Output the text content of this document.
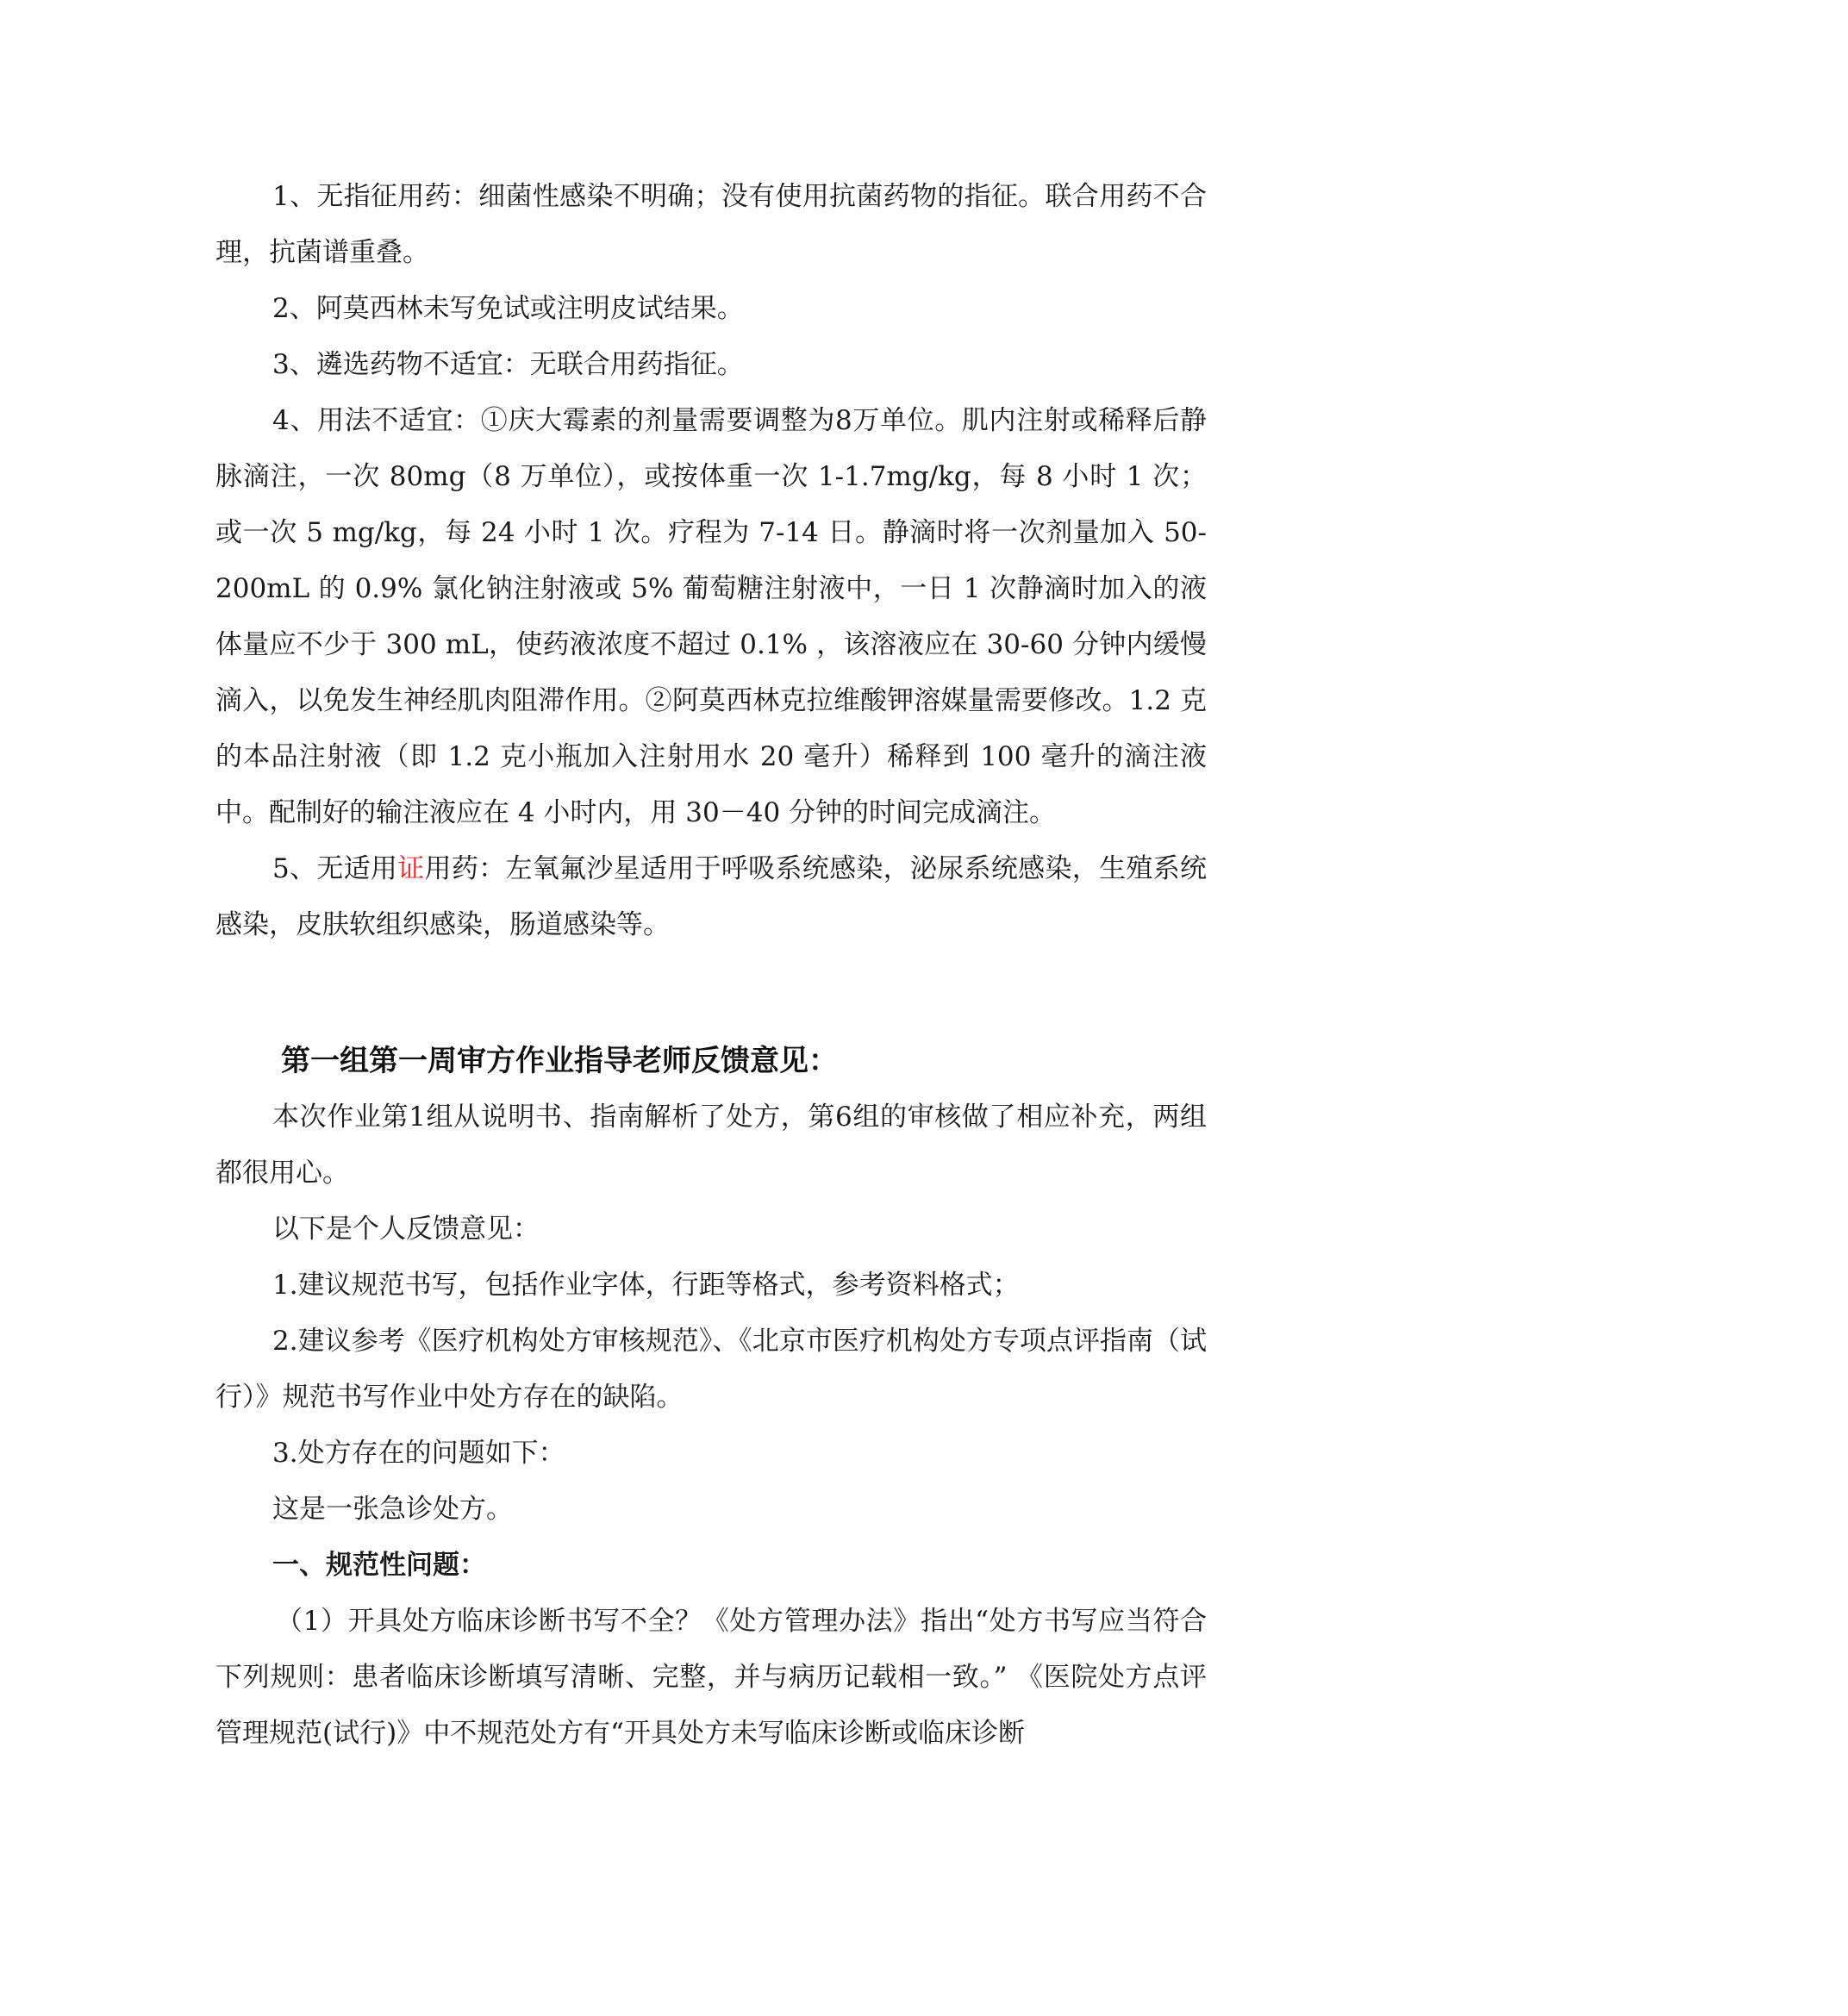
1、无指征用药：细菌性感染不明确；没有使用抗菌药物的指征。联合用药不合理，抗菌谱重叠。

2、阿莫西林未写免试或注明皮试结果。

3、遴选药物不适宜：无联合用药指征。

4、用法不适宜：①庆大霉素的剂量需要调整为8万单位。肌内注射或稀释后静脉滴注，一次 80mg（8 万单位），或按体重一次 1-1.7mg/kg，每 8 小时 1 次；或一次 5 mg/kg，每 24 小时 1 次。疗程为 7-14 日。静滴时将一次剂量加入 50-200mL 的 0.9% 氯化钠注射液或 5% 葡萄糖注射液中，一日 1 次静滴时加入的液体量应不少于 300 mL，使药液浓度不超过 0.1% ，该溶液应在 30-60 分钟内缓慢滴入，以免发生神经肌肉阻滞作用。②阿莫西林克拉维酸钾溶媒量需要修改。1.2 克的本品注射液（即 1.2 克小瓶加入注射用水 20 毫升）稀释到 100 毫升的滴注液中。配制好的输注液应在 4 小时内，用 30－40 分钟的时间完成滴注。

5、无适用证用药：左氧氟沙星适用于呼吸系统感染，泌尿系统感染，生殖系统感染，皮肤软组织感染，肠道感染等。

第一组第一周审方作业指导老师反馈意见：

本次作业第1组从说明书、指南解析了处方，第6组的审核做了相应补充，两组都很用心。

以下是个人反馈意见：

1.建议规范书写，包括作业字体，行距等格式，参考资料格式；

2.建议参考《医疗机构处方审核规范》、《北京市医疗机构处方专项点评指南（试行）》规范书写作业中处方存在的缺陷。

3.处方存在的问题如下：

这是一张急诊处方。

一、规范性问题：

（1）开具处方临床诊断书写不全？《处方管理办法》指出“处方书写应当符合下列规则：患者临床诊断填写清晰、完整，并与病历记载相一致。” 《医院处方点评管理规范(试行)》中不规范处方有“开具处方未写临床诊断或临床诊断
